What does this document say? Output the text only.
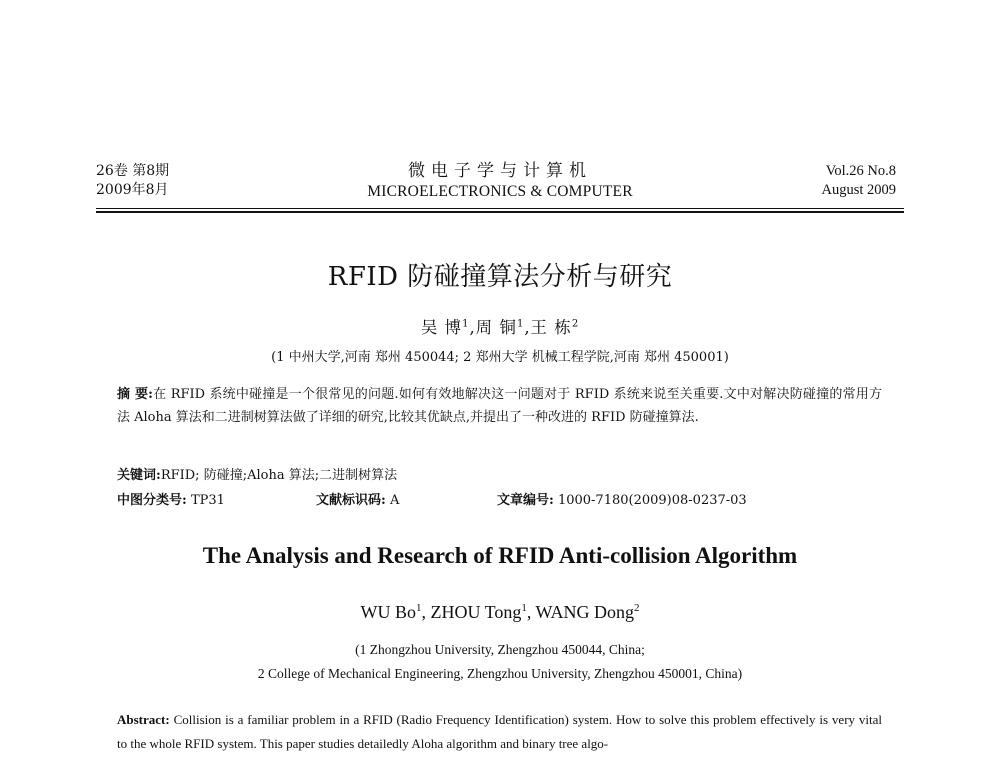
26卷 第8期
2009年8月
微电子学与计算机
MICROELECTRONICS & COMPUTER
Vol.26 No.8
August 2009
RFID 防碰撞算法分析与研究
吴 博$^1$,周 铜$^1$,王 栋$^2$
(1 中州大学,河南 郑州 450044; 2 郑州大学 机械工程学院,河南 郑州 450001)
摘 要:在 RFID 系统中碰撞是一个很常见的问题.如何有效地解决这一问题对于 RFID 系统来说至关重要.文中对解决防碰撞的常用方法 Aloha 算法和二进制树算法做了详细的研究,比较其优缺点,并提出了一种改进的 RFID 防碰撞算法.
关键词:RFID; 防碰撞;Aloha 算法;二进制树算法
中图分类号: TP31	文献标识码: A	文章编号: 1000-7180(2009)08-0237-03
The Analysis and Research of RFID Anti-collision Algorithm
WU Bo$^1$, ZHOU Tong$^1$, WANG Dong$^2$
(1 Zhongzhou University, Zhengzhou 450044, China;
2 College of Mechanical Engineering, Zhengzhou University, Zhengzhou 450001, China)
Abstract: Collision is a familiar problem in a RFID (Radio Frequency Identification) system. How to solve this problem effectively is very vital to the whole RFID system. This paper studies detailedly Aloha algorithm and binary tree algo-
